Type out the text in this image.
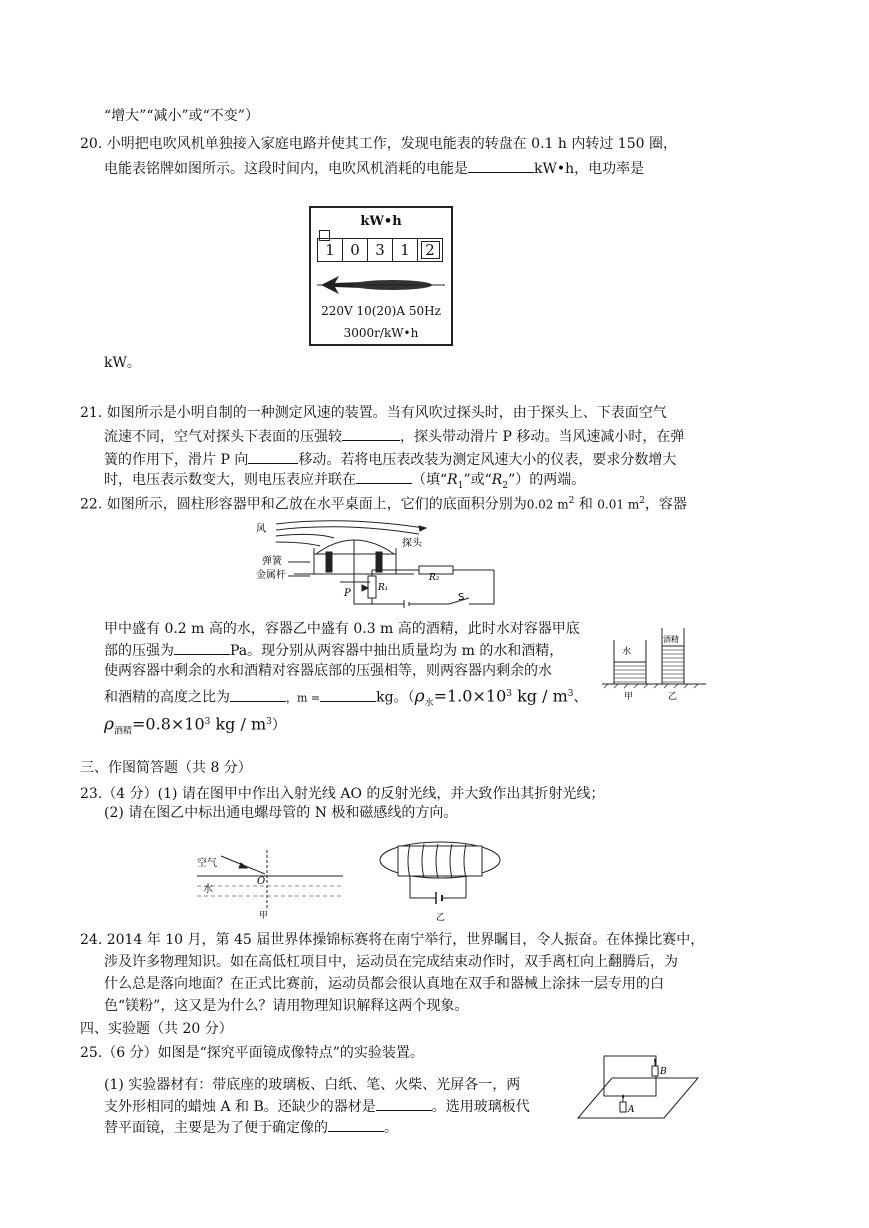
“增大”“减小”或“不变”）
20. 小明把电吹风机单独接入家庭电路并使其工作，发现电能表的转盘在 0.1 h 内转过 150 圈，
电能表铭牌如图所示。这段时间内，电吹风机消耗的电能是	kW•h，电功率是
kW•h
1	0	3	1	2
220V 10(20)A 50Hz
3000r/kW•h
kW。
21. 如图所示是小明自制的一种测定风速的装置。当有风吹过探头时，由于探头上、下表面空气
流速不同，空气对探头下表面的压强较	，探头带动滑片 P 移动。当风速减小时，在弹
簧的作用下，滑片 P 向	移动。若将电压表改装为测定风速大小的仪表，要求分数增大
时，电压表示数变大，则电压表应并联在	（填“$R_1$”或“$R_2$”）的两端。
22. 如图所示，圆柱形容器甲和乙放在水平桌面上，它们的底面积分别为0.02 $m^2$ 和 0.01 $m^2$，容器
风
探头
弹簧
金属杆
P	R₁
R₂
S
甲中盛有 0.2 m 高的水，容器乙中盛有 0.3 m 高的酒精，此时水对容器甲底
部的压强为	Pa。现分别从两容器中抽出质量均为 m 的水和酒精，
使两容器中剩余的水和酒精对容器底部的压强相等，则两容器内剩余的水
和酒精的高度之比为	，m =	kg。（$\rho_水=1.0\times 10^3$ kg / $m^3$、
$\rho_{酒精}=0.8\times 10^3$ kg / $m^3$）
水
酒精
甲	乙
三、作图简答题（共 8 分）
23.（4 分）(1) 请在图甲中作出入射光线 AO 的反射光线，并大致作出其折射光线；
(2) 请在图乙中标出通电螺母管的 N 极和磁感线的方向。
空气
水
O
甲	乙
24. 2014 年 10 月，第 45 届世界体操锦标赛将在南宁举行，世界瞩目，令人振奋。在体操比赛中，
涉及许多物理知识。如在高低杠项目中，运动员在完成结束动作时，双手离杠向上翻腾后，为
什么总是落向地面？在正式比赛前，运动员都会很认真地在双手和器械上涂抹一层专用的白
色“镁粉”，这又是为什么？请用物理知识解释这两个现象。
四、实验题（共 20 分）
25.（6 分）如图是“探究平面镜成像特点”的实验装置。
(1) 实验器材有：带底座的玻璃板、白纸、笔、火柴、光屏各一，两
支外形相同的蜡烛 A 和 B。还缺少的器材是	。选用玻璃板代
替平面镜，主要是为了便于确定像的	。
B
A
